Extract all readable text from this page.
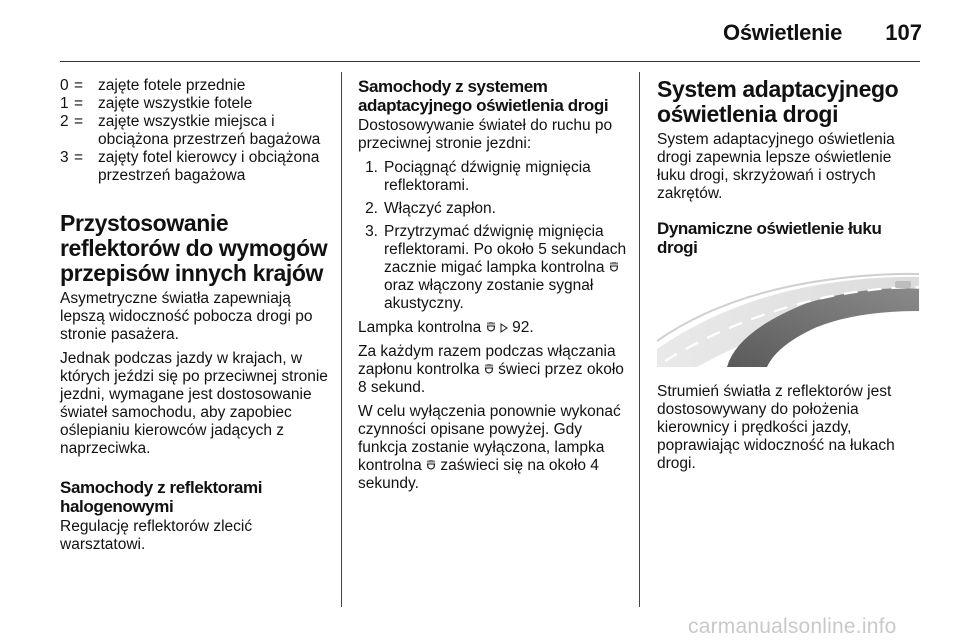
Oświetlenie	107
0 = zajęte fotele przednie
1 = zajęte wszystkie fotele
2 = zajęte wszystkie miejsca i obciążona przestrzeń bagażowa
3 = zajęty fotel kierowcy i obciążona przestrzeń bagażowa
Przystosowanie reflektorów do wymogów przepisów innych krajów

Asymetryczne światła zapewniają lepszą widoczność pobocza drogi po stronie pasażera.

Jednak podczas jazdy w krajach, w których jeździ się po przeciwnej stronie jezdni, wymagane jest dostosowanie świateł samochodu, aby zapobiec oślepianiu kierowców jadących z naprzeciwka.

Samochody z reflektorami halogenowymi

Regulację reflektorów zlecić warsztatowi.

Samochody z systemem adaptacyjnego oświetlenia drogi

Dostosowywanie świateł do ruchu po przeciwnej stronie jezdni:

1. Pociągnąć dźwignię mignięcia reflektorami.
2. Włączyć zapłon.
3. Przytrzymać dźwignię mignięcia reflektorami. Po około 5 sekundach zacznie migać lampka kontrolna  oraz włączony zostanie sygnał akustyczny.

Lampka kontrolna 92.

Za każdym razem podczas włączania zapłonu kontrolka świeci przez około 8 sekund.

W celu wyłączenia ponownie wykonać czynności opisane powyżej. Gdy funkcja zostanie wyłączona, lampka kontrolna zaświeci się na około 4 sekundy.

System adaptacyjnego oświetlenia drogi

System adaptacyjnego oświetlenia drogi zapewnia lepsze oświetlenie łuku drogi, skrzyżowań i ostrych zakrętów.

Dynamiczne oświetlenie łuku drogi

Strumień światła z reflektorów jest dostosowywany do położenia kierownicy i prędkości jazdy, poprawiając widoczność na łukach drogi.

carmanualsonline.info
